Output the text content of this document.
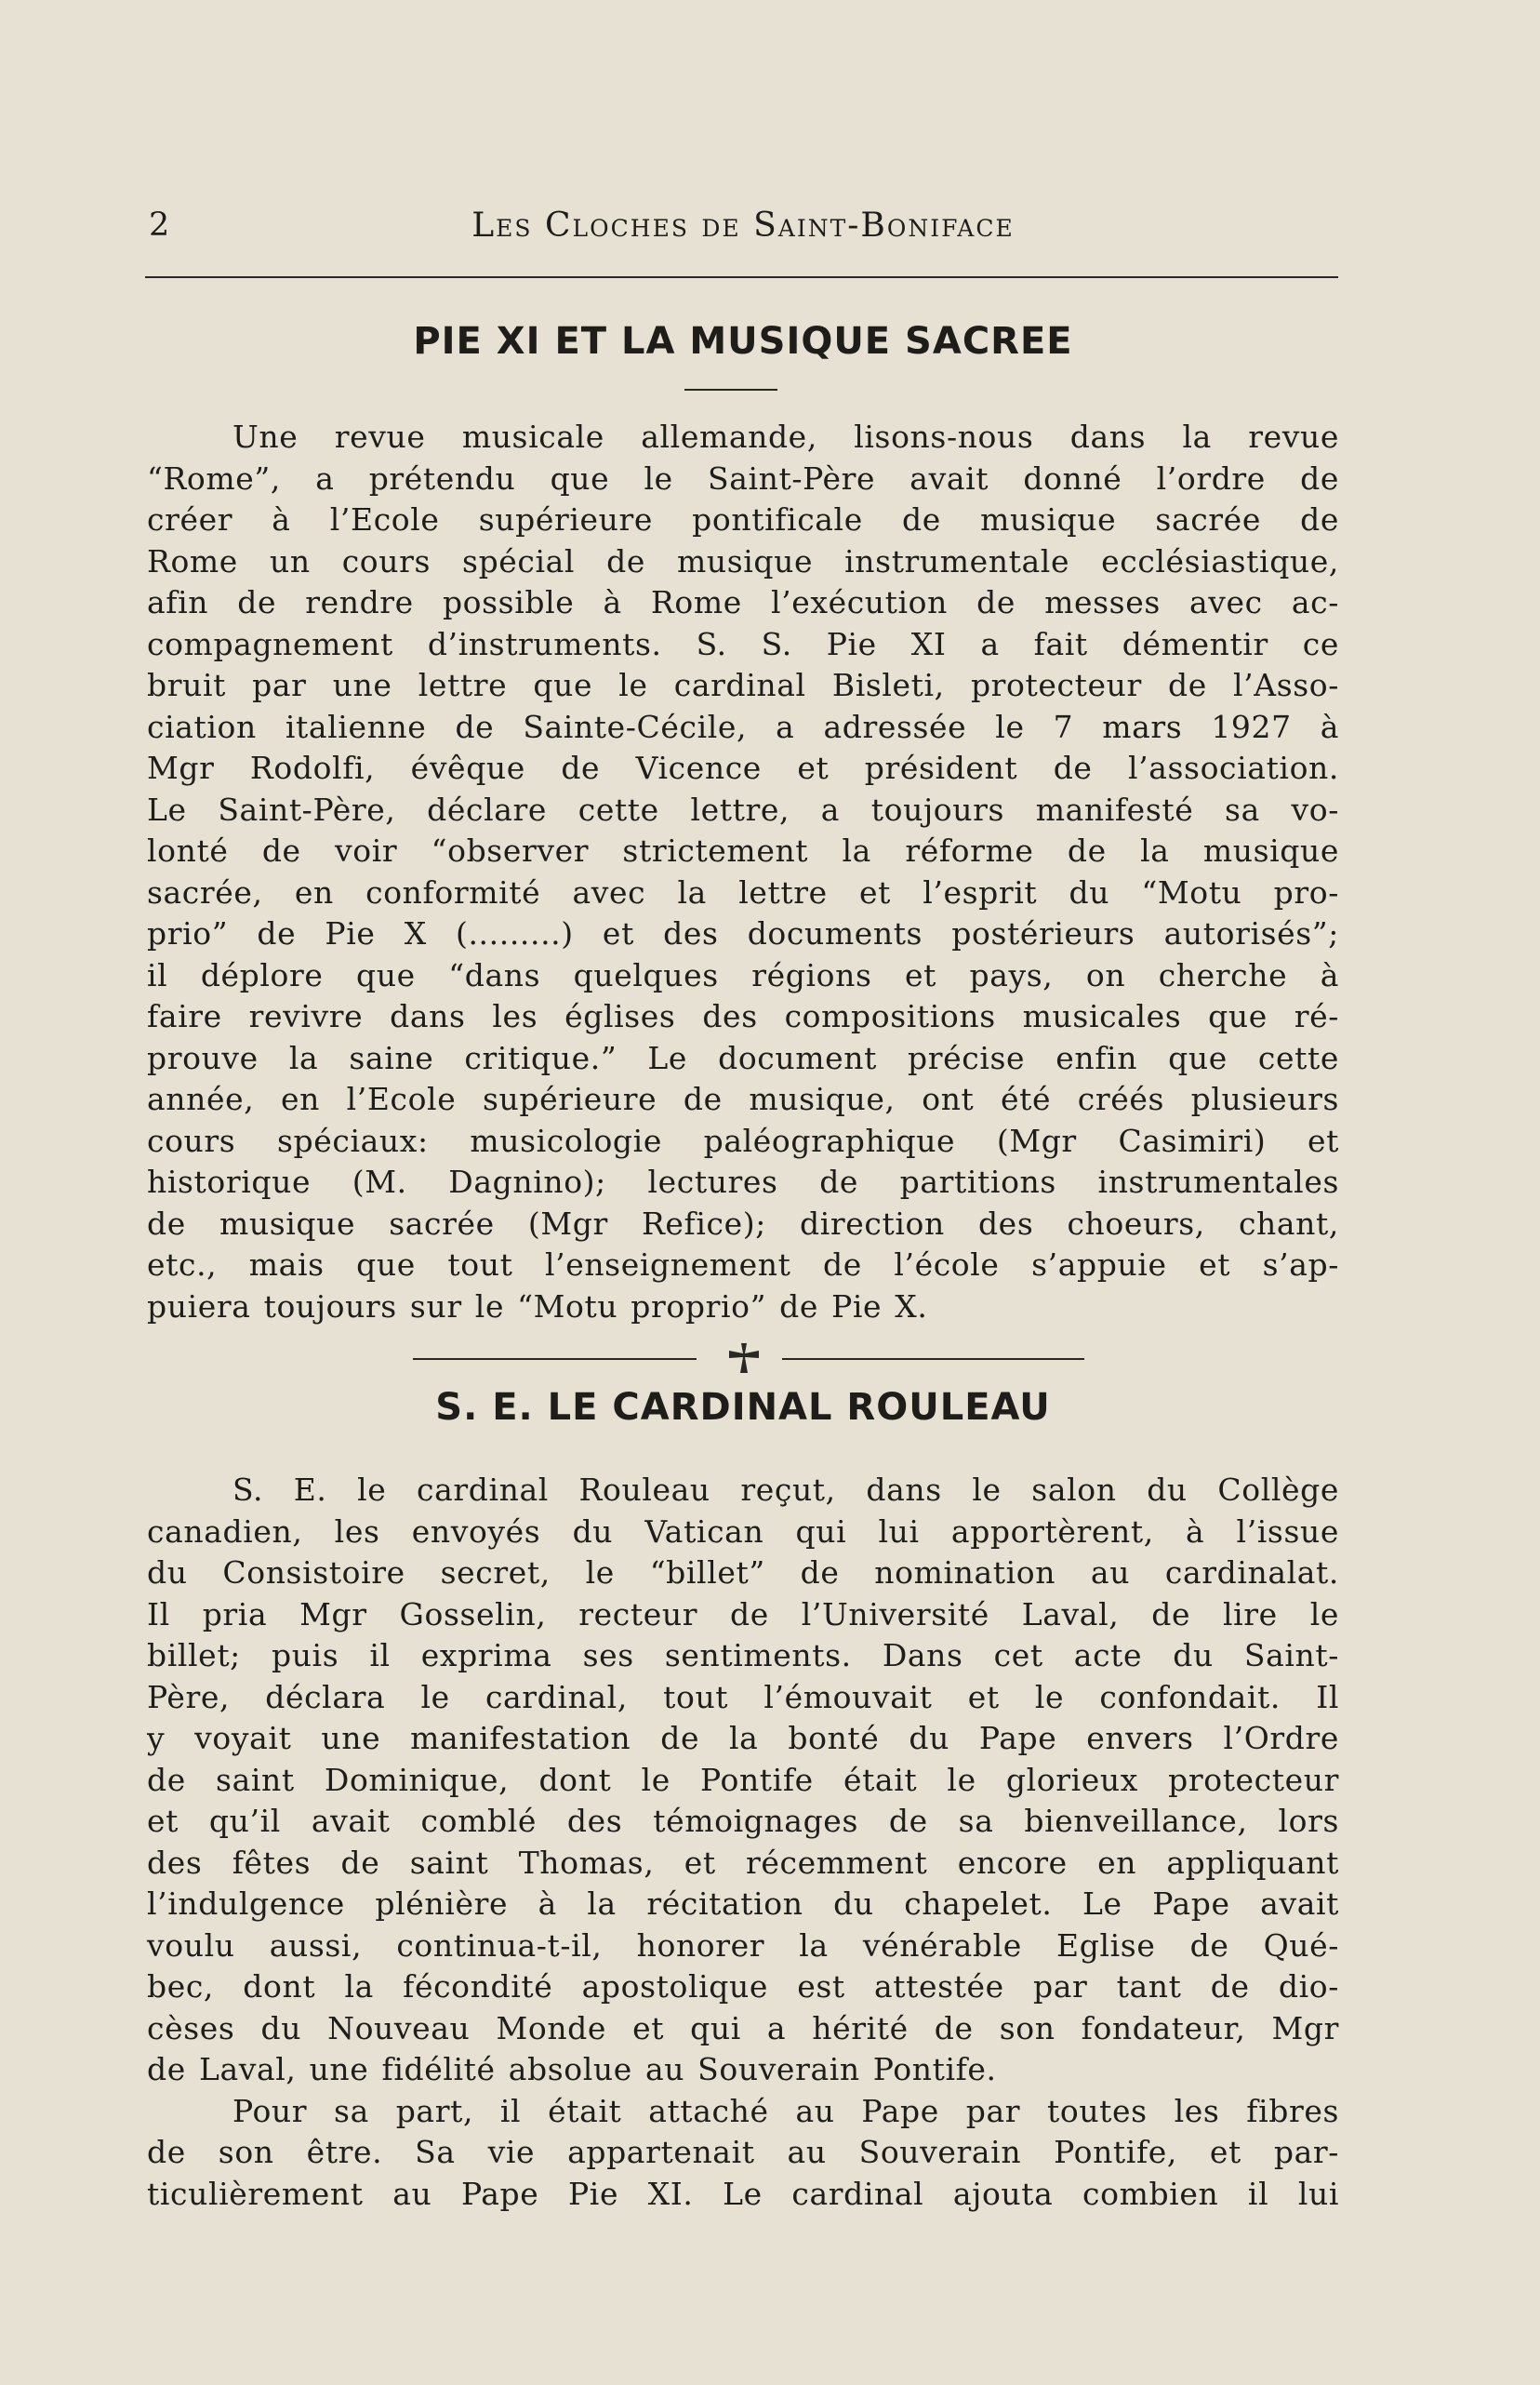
2	Les Cloches de Saint-Boniface
PIE XI ET LA MUSIQUE SACREE
Une revue musicale allemande, lisons-nous dans la revue
“Rome”, a prétendu que le Saint-Père avait donné l’ordre de
créer à l’Ecole supérieure pontificale de musique sacrée de
Rome un cours spécial de musique instrumentale ecclésiastique,
afin de rendre possible à Rome l’exécution de messes avec ac-
compagnement d’instruments. S. S. Pie XI a fait démentir ce
bruit par une lettre que le cardinal Bisleti, protecteur de l’Asso-
ciation italienne de Sainte-Cécile, a adressée le 7 mars 1927 à
Mgr Rodolfi, évêque de Vicence et président de l’association.
Le Saint-Père, déclare cette lettre, a toujours manifesté sa vo-
lonté de voir “observer strictement la réforme de la musique
sacrée, en conformité avec la lettre et l’esprit du “Motu pro-
prio” de Pie X (.........) et des documents postérieurs autorisés”;
il déplore que “dans quelques régions et pays, on cherche à
faire revivre dans les églises des compositions musicales que ré-
prouve la saine critique.” Le document précise enfin que cette
année, en l’Ecole supérieure de musique, ont été créés plusieurs
cours spéciaux: musicologie paléographique (Mgr Casimiri) et
historique (M. Dagnino); lectures de partitions instrumentales
de musique sacrée (Mgr Refice); direction des choeurs, chant,
etc., mais que tout l’enseignement de l’école s’appuie et s’ap-
puiera toujours sur le “Motu proprio” de Pie X.
S. E. LE CARDINAL ROULEAU
S. E. le cardinal Rouleau reçut, dans le salon du Collège
canadien, les envoyés du Vatican qui lui apportèrent, à l’issue
du Consistoire secret, le “billet” de nomination au cardinalat.
Il pria Mgr Gosselin, recteur de l’Université Laval, de lire le
billet; puis il exprima ses sentiments. Dans cet acte du Saint-
Père, déclara le cardinal, tout l’émouvait et le confondait. Il
y voyait une manifestation de la bonté du Pape envers l’Ordre
de saint Dominique, dont le Pontife était le glorieux protecteur
et qu’il avait comblé des témoignages de sa bienveillance, lors
des fêtes de saint Thomas, et récemment encore en appliquant
l’indulgence plénière à la récitation du chapelet. Le Pape avait
voulu aussi, continua-t-il, honorer la vénérable Eglise de Qué-
bec, dont la fécondité apostolique est attestée par tant de dio-
cèses du Nouveau Monde et qui a hérité de son fondateur, Mgr
de Laval, une fidélité absolue au Souverain Pontife.
Pour sa part, il était attaché au Pape par toutes les fibres
de son être. Sa vie appartenait au Souverain Pontife, et par-
ticulièrement au Pape Pie XI. Le cardinal ajouta combien il lui
